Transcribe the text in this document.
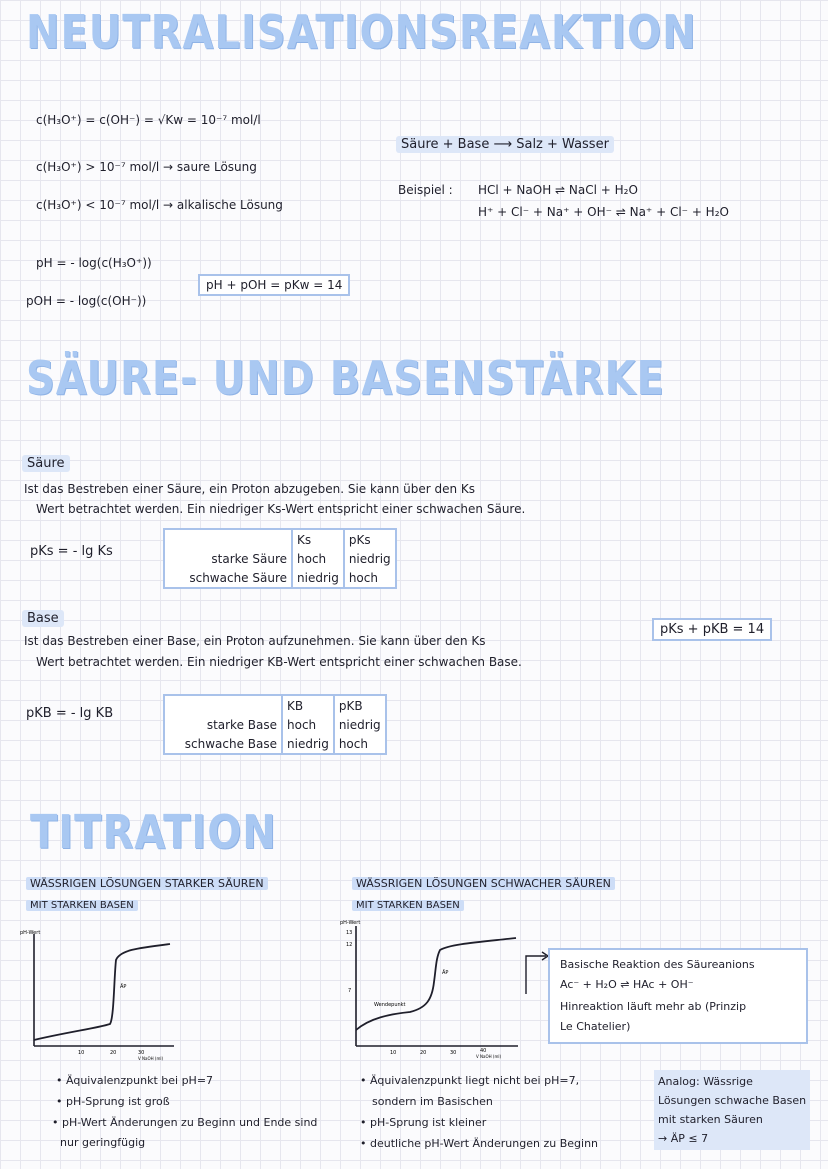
NEUTRALISATIONSREAKTION
c(H₃O⁺) = c(OH⁻) = √Kw = 10⁻⁷ mol/l
c(H₃O⁺) > 10⁻⁷ mol/l → saure Lösung
c(H₃O⁺) < 10⁻⁷ mol/l → alkalische Lösung
pH = - log(c(H₃O⁺))
pOH = - log(c(OH⁻))
pH + pOH = pKw = 14
Säure + Base ⟶ Salz + Wasser
Beispiel : HCl + NaOH ⇌ NaCl + H₂O
H⁺ + Cl⁻ + Na⁺ + OH⁻ ⇌ Na⁺ + Cl⁻ + H₂O
SÄURE- UND BASENSTÄRKE
Säure
Ist das Bestreben einer Säure, ein Proton abzugeben. Sie kann über den Ks
Wert betrachtet werden. Ein niedriger Ks-Wert entspricht einer schwachen Säure.
pKs = - lg Ks
	Ks	pKs
starke Säure	hoch	niedrig
schwache Säure	niedrig	hoch
Base
Ist das Bestreben einer Base, ein Proton aufzunehmen. Sie kann über den Ks
Wert betrachtet werden. Ein niedriger KB-Wert entspricht einer schwachen Base.
pKs + pKB = 14
pKB = - lg KB
	KB	pKB
starke Base	hoch	niedrig
schwache Base	niedrig	hoch
TITRATION
WÄSSRIGEN LÖSUNGEN STARKER SÄUREN
MIT STARKEN BASEN
WÄSSRIGEN LÖSUNGEN SCHWACHER SÄUREN
MIT STARKEN BASEN
pH-Wert
10	20	30
V NaOH (ml)
ÄP
pH-Wert
13
12
7
10	20	30	40
V NaOH (ml)
ÄP
Wendepunkt
Basische Reaktion des Säureanions
Ac⁻ + H₂O ⇌ HAc + OH⁻
Hinreaktion läuft mehr ab (Prinzip
Le Chatelier)
• Äquivalenzpunkt bei pH=7
• pH-Sprung ist groß
• pH-Wert Änderungen zu Beginn und Ende sind
nur geringfügig
• Äquivalenzpunkt liegt nicht bei pH=7,
sondern im Basischen
• pH-Sprung ist kleiner
• deutliche pH-Wert Änderungen zu Beginn
Analog: Wässrige
Lösungen schwache Basen
mit starken Säuren
→ ÄP ≤ 7
